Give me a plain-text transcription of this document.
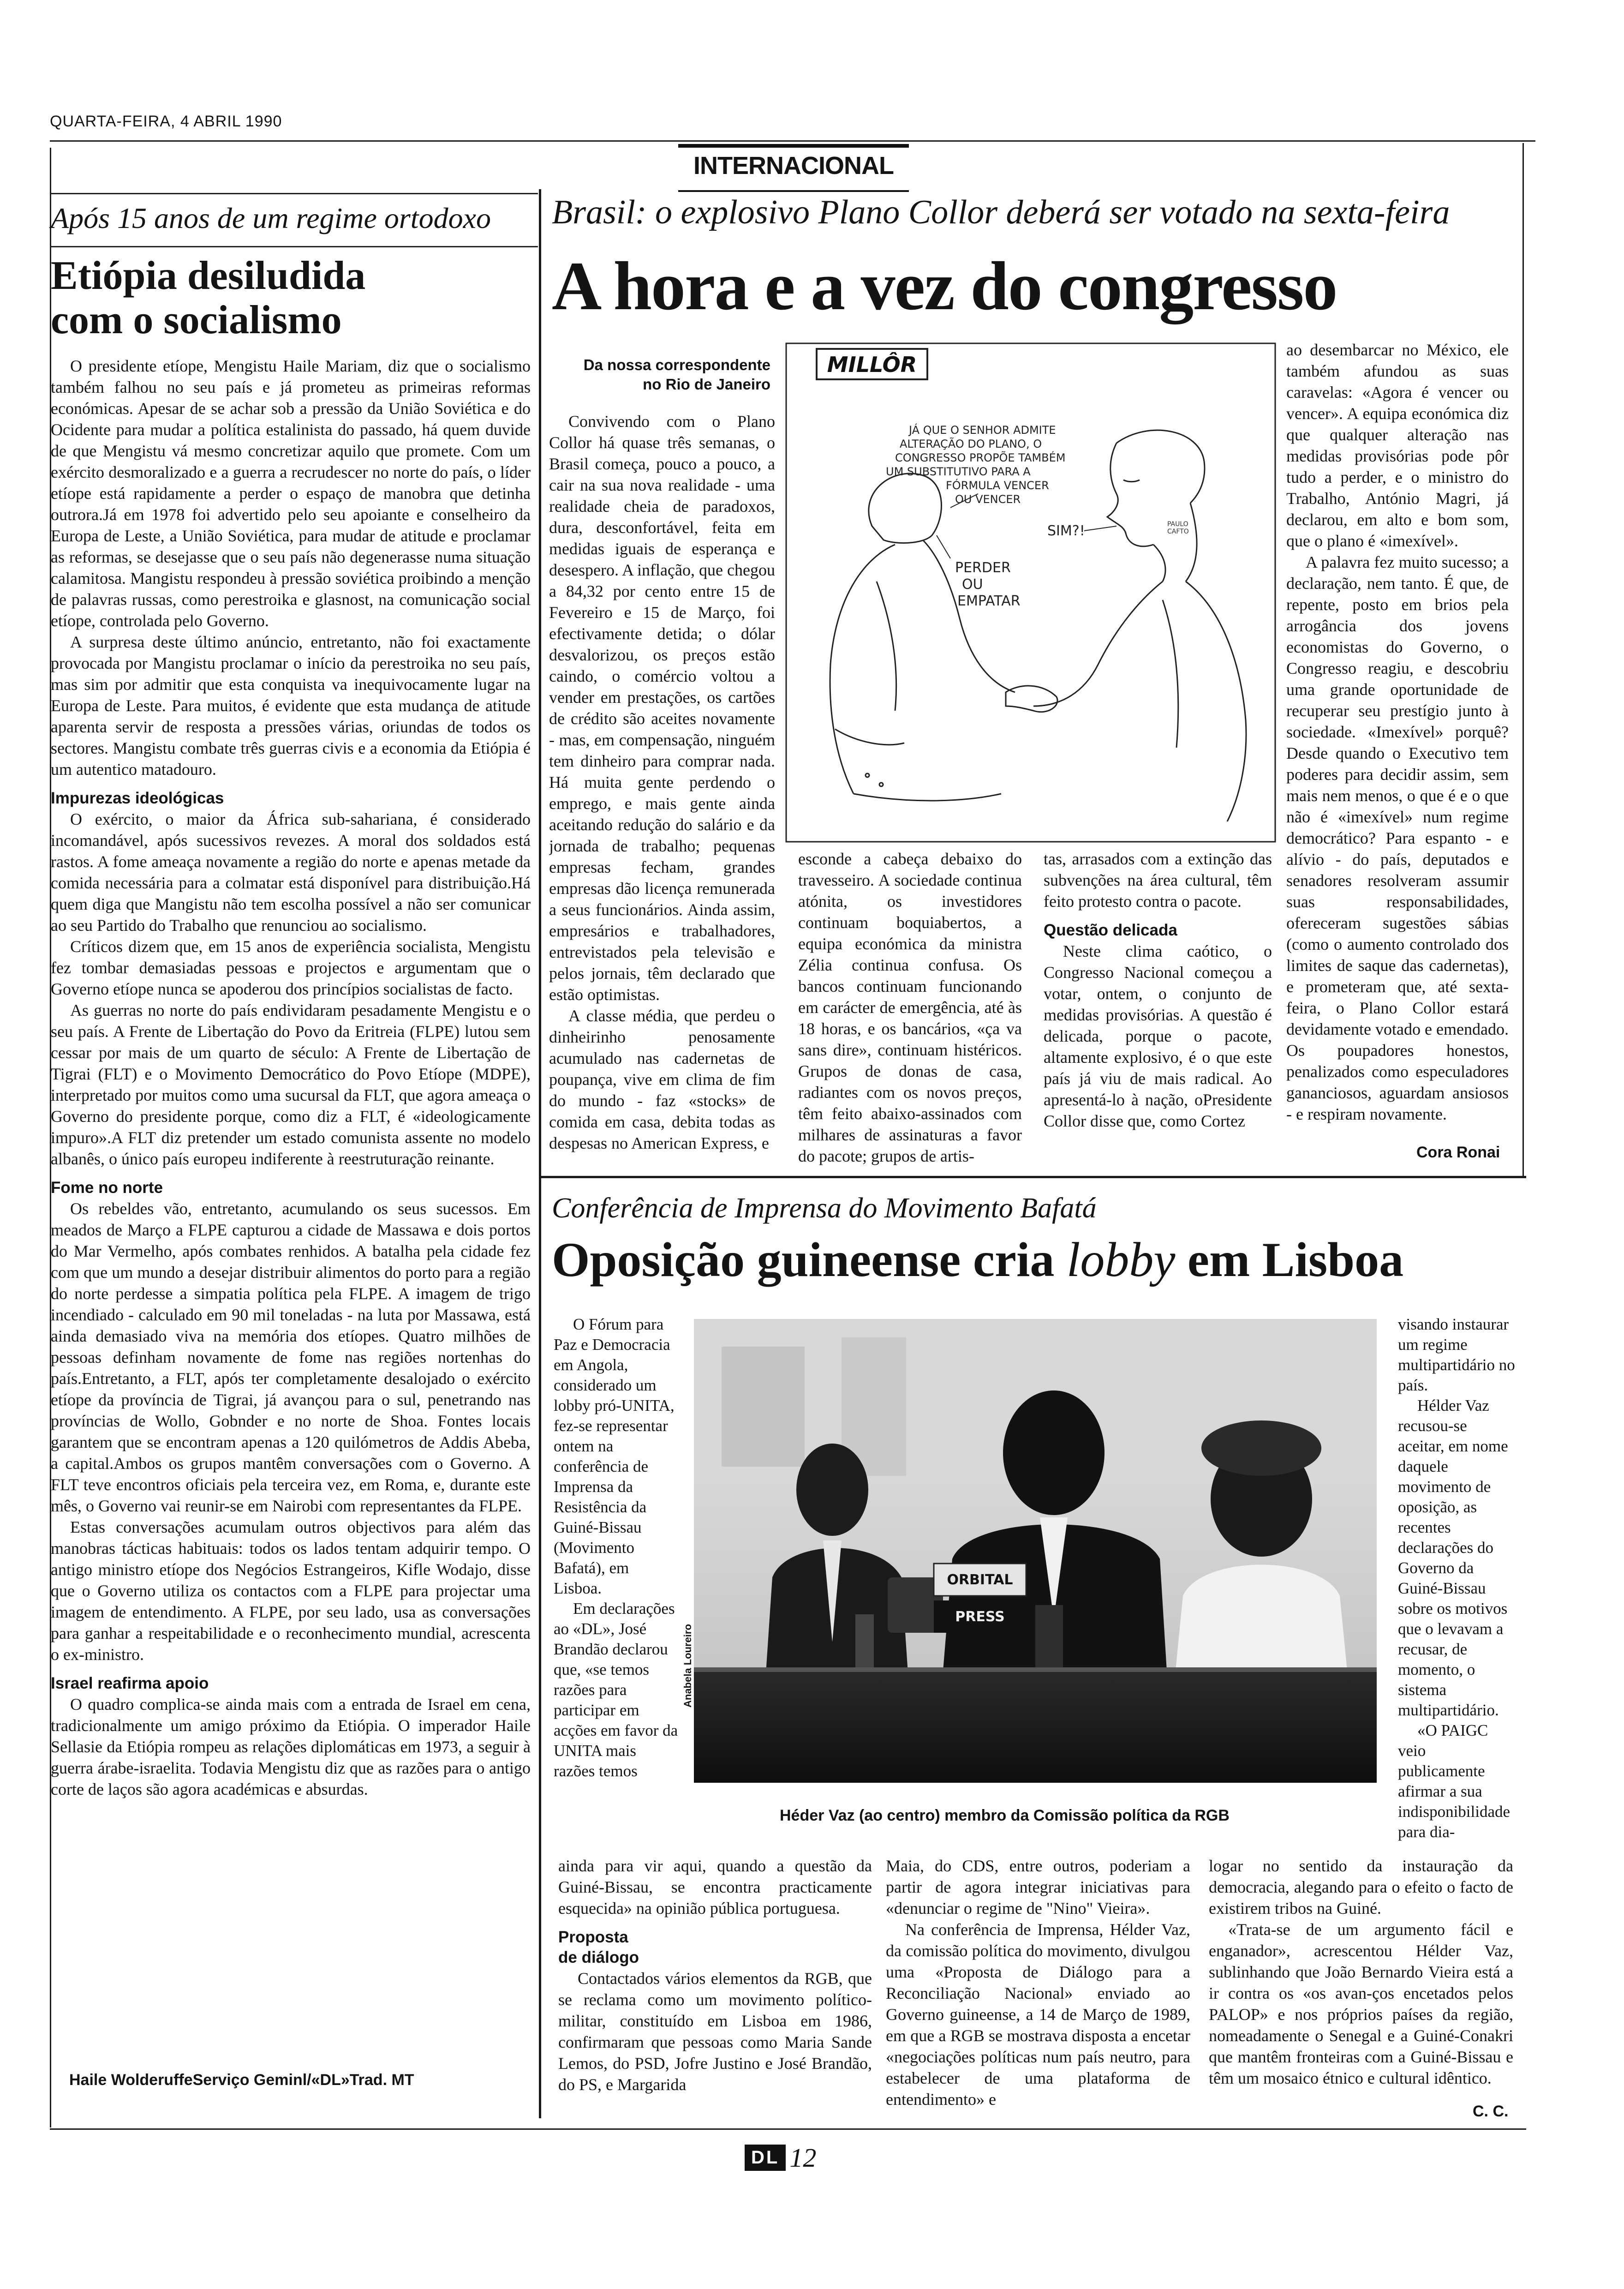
QUARTA-FEIRA, 4 ABRIL 1990
INTERNACIONAL
Após 15 anos de um regime ortodoxo
Etiópia desiludida
com o socialismo

O presidente etíope, Mengistu Haile Mariam, diz que o socialismo também falhou no seu país e já prometeu as primeiras reformas económicas. Apesar de se achar sob a pressão da União Soviética e do Ocidente para mudar a política estalinista do passado, há quem duvide de que Mengistu vá mesmo concretizar aquilo que promete. Com um exército desmoralizado e a guerra a recrudescer no norte do país, o líder etíope está rapidamente a perder o espaço de manobra que detinha outrora.Já em 1978 foi advertido pelo seu apoiante e conselheiro da Europa de Leste, a União Soviética, para mudar de atitude e proclamar as reformas, se desejasse que o seu país não degenerasse numa situação calamitosa. Mangistu respondeu à pressão soviética proibindo a menção de palavras russas, como perestroika e glasnost, na comunicação social etíope, controlada pelo Governo.

A surpresa deste último anúncio, entretanto, não foi exactamente provocada por Mangistu proclamar o início da perestroika no seu país, mas sim por admitir que esta conquista va inequivocamente lugar na Europa de Leste. Para muitos, é evidente que esta mudança de atitude aparenta servir de resposta a pressões várias, oriundas de todos os sectores. Mangistu combate três guerras civis e a economia da Etiópia é um autentico matadouro.

Impurezas ideológicas

O exército, o maior da África sub-sahariana, é considerado incomandável, após sucessivos revezes. A moral dos soldados está rastos. A fome ameaça novamente a região do norte e apenas metade da comida necessária para a colmatar está disponível para distribuição.Há quem diga que Mangistu não tem escolha possível a não ser comunicar ao seu Partido do Trabalho que renunciou ao socialismo.

Críticos dizem que, em 15 anos de experiência socialista, Mengistu fez tombar demasiadas pessoas e projectos e argumentam que o Governo etíope nunca se apoderou dos princípios socialistas de facto.

As guerras no norte do país endividaram pesadamente Mengistu e o seu país. A Frente de Libertação do Povo da Eritreia (FLPE) lutou sem cessar por mais de um quarto de século: A Frente de Libertação de Tigrai (FLT) e o Movimento Democrático do Povo Etíope (MDPE), interpretado por muitos como uma sucursal da FLT, que agora ameaça o Governo do presidente porque, como diz a FLT, é «ideologicamente impuro».A FLT diz pretender um estado comunista assente no modelo albanês, o único país europeu indiferente à reestruturação reinante.

Fome no norte

Os rebeldes vão, entretanto, acumulando os seus sucessos. Em meados de Março a FLPE capturou a cidade de Massawa e dois portos do Mar Vermelho, após combates renhidos. A batalha pela cidade fez com que um mundo a desejar distribuir alimentos do porto para a região do norte perdesse a simpatia política pela FLPE. A imagem de trigo incendiado - calculado em 90 mil toneladas - na luta por Massawa, está ainda demasiado viva na memória dos etíopes. Quatro milhões de pessoas definham novamente de fome nas regiões nortenhas do país.Entretanto, a FLT, após ter completamente desalojado o exército etíope da província de Tigrai, já avançou para o sul, penetrando nas províncias de Wollo, Gobnder e no norte de Shoa. Fontes locais garantem que se encontram apenas a 120 quilómetros de Addis Abeba, a capital.Ambos os grupos mantêm conversações com o Governo. A FLT teve encontros oficiais pela terceira vez, em Roma, e, durante este mês, o Governo vai reunir-se em Nairobi com representantes da FLPE.

Estas conversações acumulam outros objectivos para além das manobras tácticas habituais: todos os lados tentam adquirir tempo. O antigo ministro etíope dos Negócios Estrangeiros, Kifle Wodajo, disse que o Governo utiliza os contactos com a FLPE para projectar uma imagem de entendimento. A FLPE, por seu lado, usa as conversações para ganhar a respeitabilidade e o reconhecimento mundial, acrescenta o ex-ministro.

Israel reafirma apoio

O quadro complica-se ainda mais com a entrada de Israel em cena, tradicionalmente um amigo próximo da Etiópia. O imperador Haile Sellasie da Etiópia rompeu as relações diplomáticas em 1973, a seguir à guerra árabe-israelita. Todavia Mengistu diz que as razões para o antigo corte de laços são agora académicas e absurdas.

Haile WolderuffeServiço Geminl/«DL»Trad. MT
Brasil: o explosivo Plano Collor deberá ser votado na sexta-feira
A hora e a vez do congresso
Da nossa correspondente
no Rio de Janeiro

Convivendo com o Plano Collor há quase três semanas, o Brasil começa, pouco a pouco, a cair na sua nova realidade - uma realidade cheia de paradoxos, dura, desconfortável, feita em medidas iguais de esperança e desespero. A inflação, que chegou a 84,32 por cento entre 15 de Fevereiro e 15 de Março, foi efectivamente detida; o dólar desvalorizou, os preços estão caindo, o comércio voltou a vender em prestações, os cartões de crédito são aceites novamente - mas, em compensação, ninguém tem dinheiro para comprar nada. Há muita gente perdendo o emprego, e mais gente ainda aceitando redução do salário e da jornada de trabalho; pequenas empresas fecham, grandes empresas dão licença remunerada a seus funcionários. Ainda assim, empresários e trabalhadores, entrevistados pela televisão e pelos jornais, têm declarado que estão optimistas.

A classe média, que perdeu o dinheirinho penosamente acumulado nas cadernetas de poupança, vive em clima de fim do mundo - faz «stocks» de comida em casa, debita todas as despesas no American Express, e

esconde a cabeça debaixo do travesseiro. A sociedade continua atónita, os investidores continuam boquiabertos, a equipa económica da ministra Zélia continua confusa. Os bancos continuam funcionando em carácter de emergência, até às 18 horas, e os bancários, «ça va sans dire», continuam histéricos. Grupos de donas de casa, radiantes com os novos preços, têm feito abaixo-assinados com milhares de assinaturas a favor do pacote; grupos de artis-

tas, arrasados com a extinção das subvenções na área cultural, têm feito protesto contra o pacote.

Questão delicada

Neste clima caótico, o Congresso Nacional começou a votar, ontem, o conjunto de medidas provisórias. A questão é delicada, porque o pacote, altamente explosivo, é o que este país já viu de mais radical. Ao apresentá-lo à nação, oPresidente Collor disse que, como Cortez

ao desembarcar no México, ele também afundou as suas caravelas: «Agora é vencer ou vencer». A equipa económica diz que qualquer alteração nas medidas provisórias pode pôr tudo a perder, e o ministro do Trabalho, António Magri, já declarou, em alto e bom som, que o plano é «imexível».

A palavra fez muito sucesso; a declaração, nem tanto. É que, de repente, posto em brios pela arrogância dos jovens economistas do Governo, o Congresso reagiu, e descobriu uma grande oportunidade de recuperar seu prestígio junto à sociedade. «Imexível» porquê? Desde quando o Executivo tem poderes para decidir assim, sem mais nem menos, o que é e o que não é «imexível» num regime democrático? Para espanto - e alívio - do país, deputados e senadores resolveram assumir suas responsabilidades, ofereceram sugestões sábias (como o aumento controlado dos limites de saque das cadernetas), e prometeram que, até sexta-feira, o Plano Collor estará devidamente votado e emendado. Os poupadores honestos, penalizados como especuladores gananciosos, aguardam ansiosos - e respiram novamente.

Cora Ronai
MILLÔR
JÁ QUE O SENHOR ADMITE ALTERAÇÃO DO PLANO, O CONGRESSO PROPÕE TAMBÉM UM SUBSTITUTIVO PARA A FÓRMULA VENCER OU VENCER
SIM?!
PERDER OU EMPATAR
PAULO
CAFTO
Conferência de Imprensa do Movimento Bafatá
Oposição guineense cria lobby em Lisboa

O Fórum para Paz e Democracia em Angola, considerado um lobby pró-UNITA, fez-se representar ontem na conferência de Imprensa da Resistência da Guiné-Bissau (Movimento Bafatá), em Lisboa.

Em declarações ao «DL», José Brandão declarou que, «se temos razões para participar em acções em favor da UNITA mais razões temos

ORBITAL
PRESS
Anabela Loureiro
Héder Vaz (ao centro) membro da Comissão política da RGB

visando instaurar um regime multipartidário no país.

Hélder Vaz recusou-se aceitar, em nome daquele movimento de oposição, as recentes declarações do Governo da Guiné-Bissau sobre os motivos que o levavam a recusar, de momento, o sistema multipartidário.

«O PAIGC veio publicamente afirmar a sua indisponibilidade para dia-

ainda para vir aqui, quando a questão da Guiné-Bissau, se encontra practicamente esquecida» na opinião pública portuguesa.

Proposta de diálogo

Contactados vários elementos da RGB, que se reclama como um movimento político-militar, constituído em Lisboa em 1986, confirmaram que pessoas como Maria Sande Lemos, do PSD, Jofre Justino e José Brandão, do PS, e Margarida

Maia, do CDS, entre outros, poderiam a partir de agora integrar iniciativas para «denunciar o regime de "Nino" Vieira».

Na conferência de Imprensa, Hélder Vaz, da comissão política do movimento, divulgou uma «Proposta de Diálogo para a Reconciliação Nacional» enviado ao Governo guineense, a 14 de Março de 1989, em que a RGB se mostrava disposta a encetar «negociações políticas num país neutro, para estabelecer de uma plataforma de entendimento» e

logar no sentido da instauração da democracia, alegando para o efeito o facto de existirem tribos na Guiné.

«Trata-se de um argumento fácil e enganador», acrescentou Hélder Vaz, sublinhando que João Bernardo Vieira está a ir contra os «os avan-ços encetados pelos PALOP» e nos próprios países da região, nomeadamente o Senegal e a Guiné-Conakri que mantêm fronteiras com a Guiné-Bissau e têm um mosaico étnico e cultural idêntico.

C. C.
DL 12
